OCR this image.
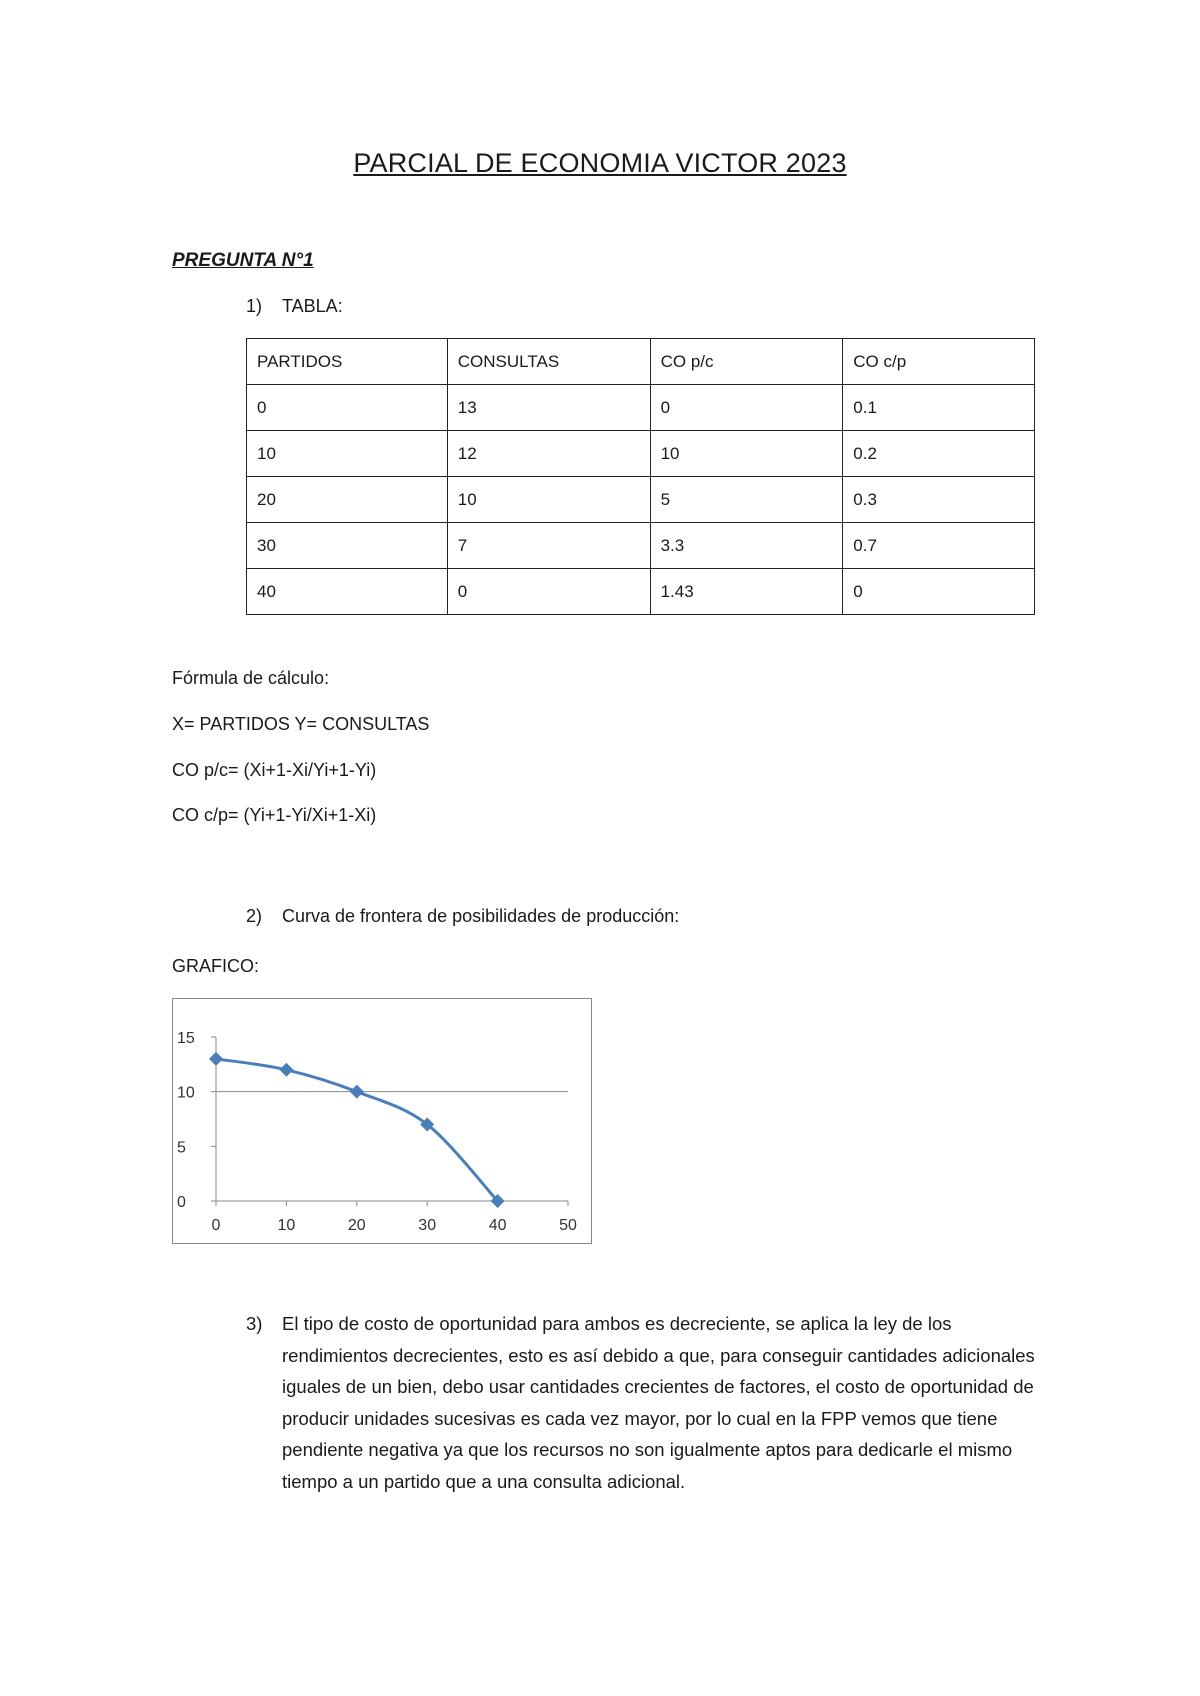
PARCIAL DE ECONOMIA VICTOR 2023
PREGUNTA N°1
1)	TABLA:
PARTIDOS	CONSULTAS	CO p/c	CO c/p
0	13	0	0.1
10	12	10	0.2
20	10	5	0.3
30	7	3.3	0.7
40	0	1.43	0
Fórmula de cálculo:
X= PARTIDOS Y= CONSULTAS
CO p/c= (Xi+1-Xi/Yi+1-Yi)
CO c/p= (Yi+1-Yi/Xi+1-Xi)
2)	Curva de frontera de posibilidades de producción:
GRAFICO:
0	10	20	30	40	50
0
5
10
15
3) El tipo de costo de oportunidad para ambos es decreciente, se aplica la ley de los rendimientos decrecientes, esto es así debido a que, para conseguir cantidades adicionales iguales de un bien, debo usar cantidades crecientes de factores, el costo de oportunidad de producir unidades sucesivas es cada vez mayor, por lo cual en la FPP vemos que tiene pendiente negativa ya que los recursos no son igualmente aptos para dedicarle el mismo tiempo a un partido que a una consulta adicional.
